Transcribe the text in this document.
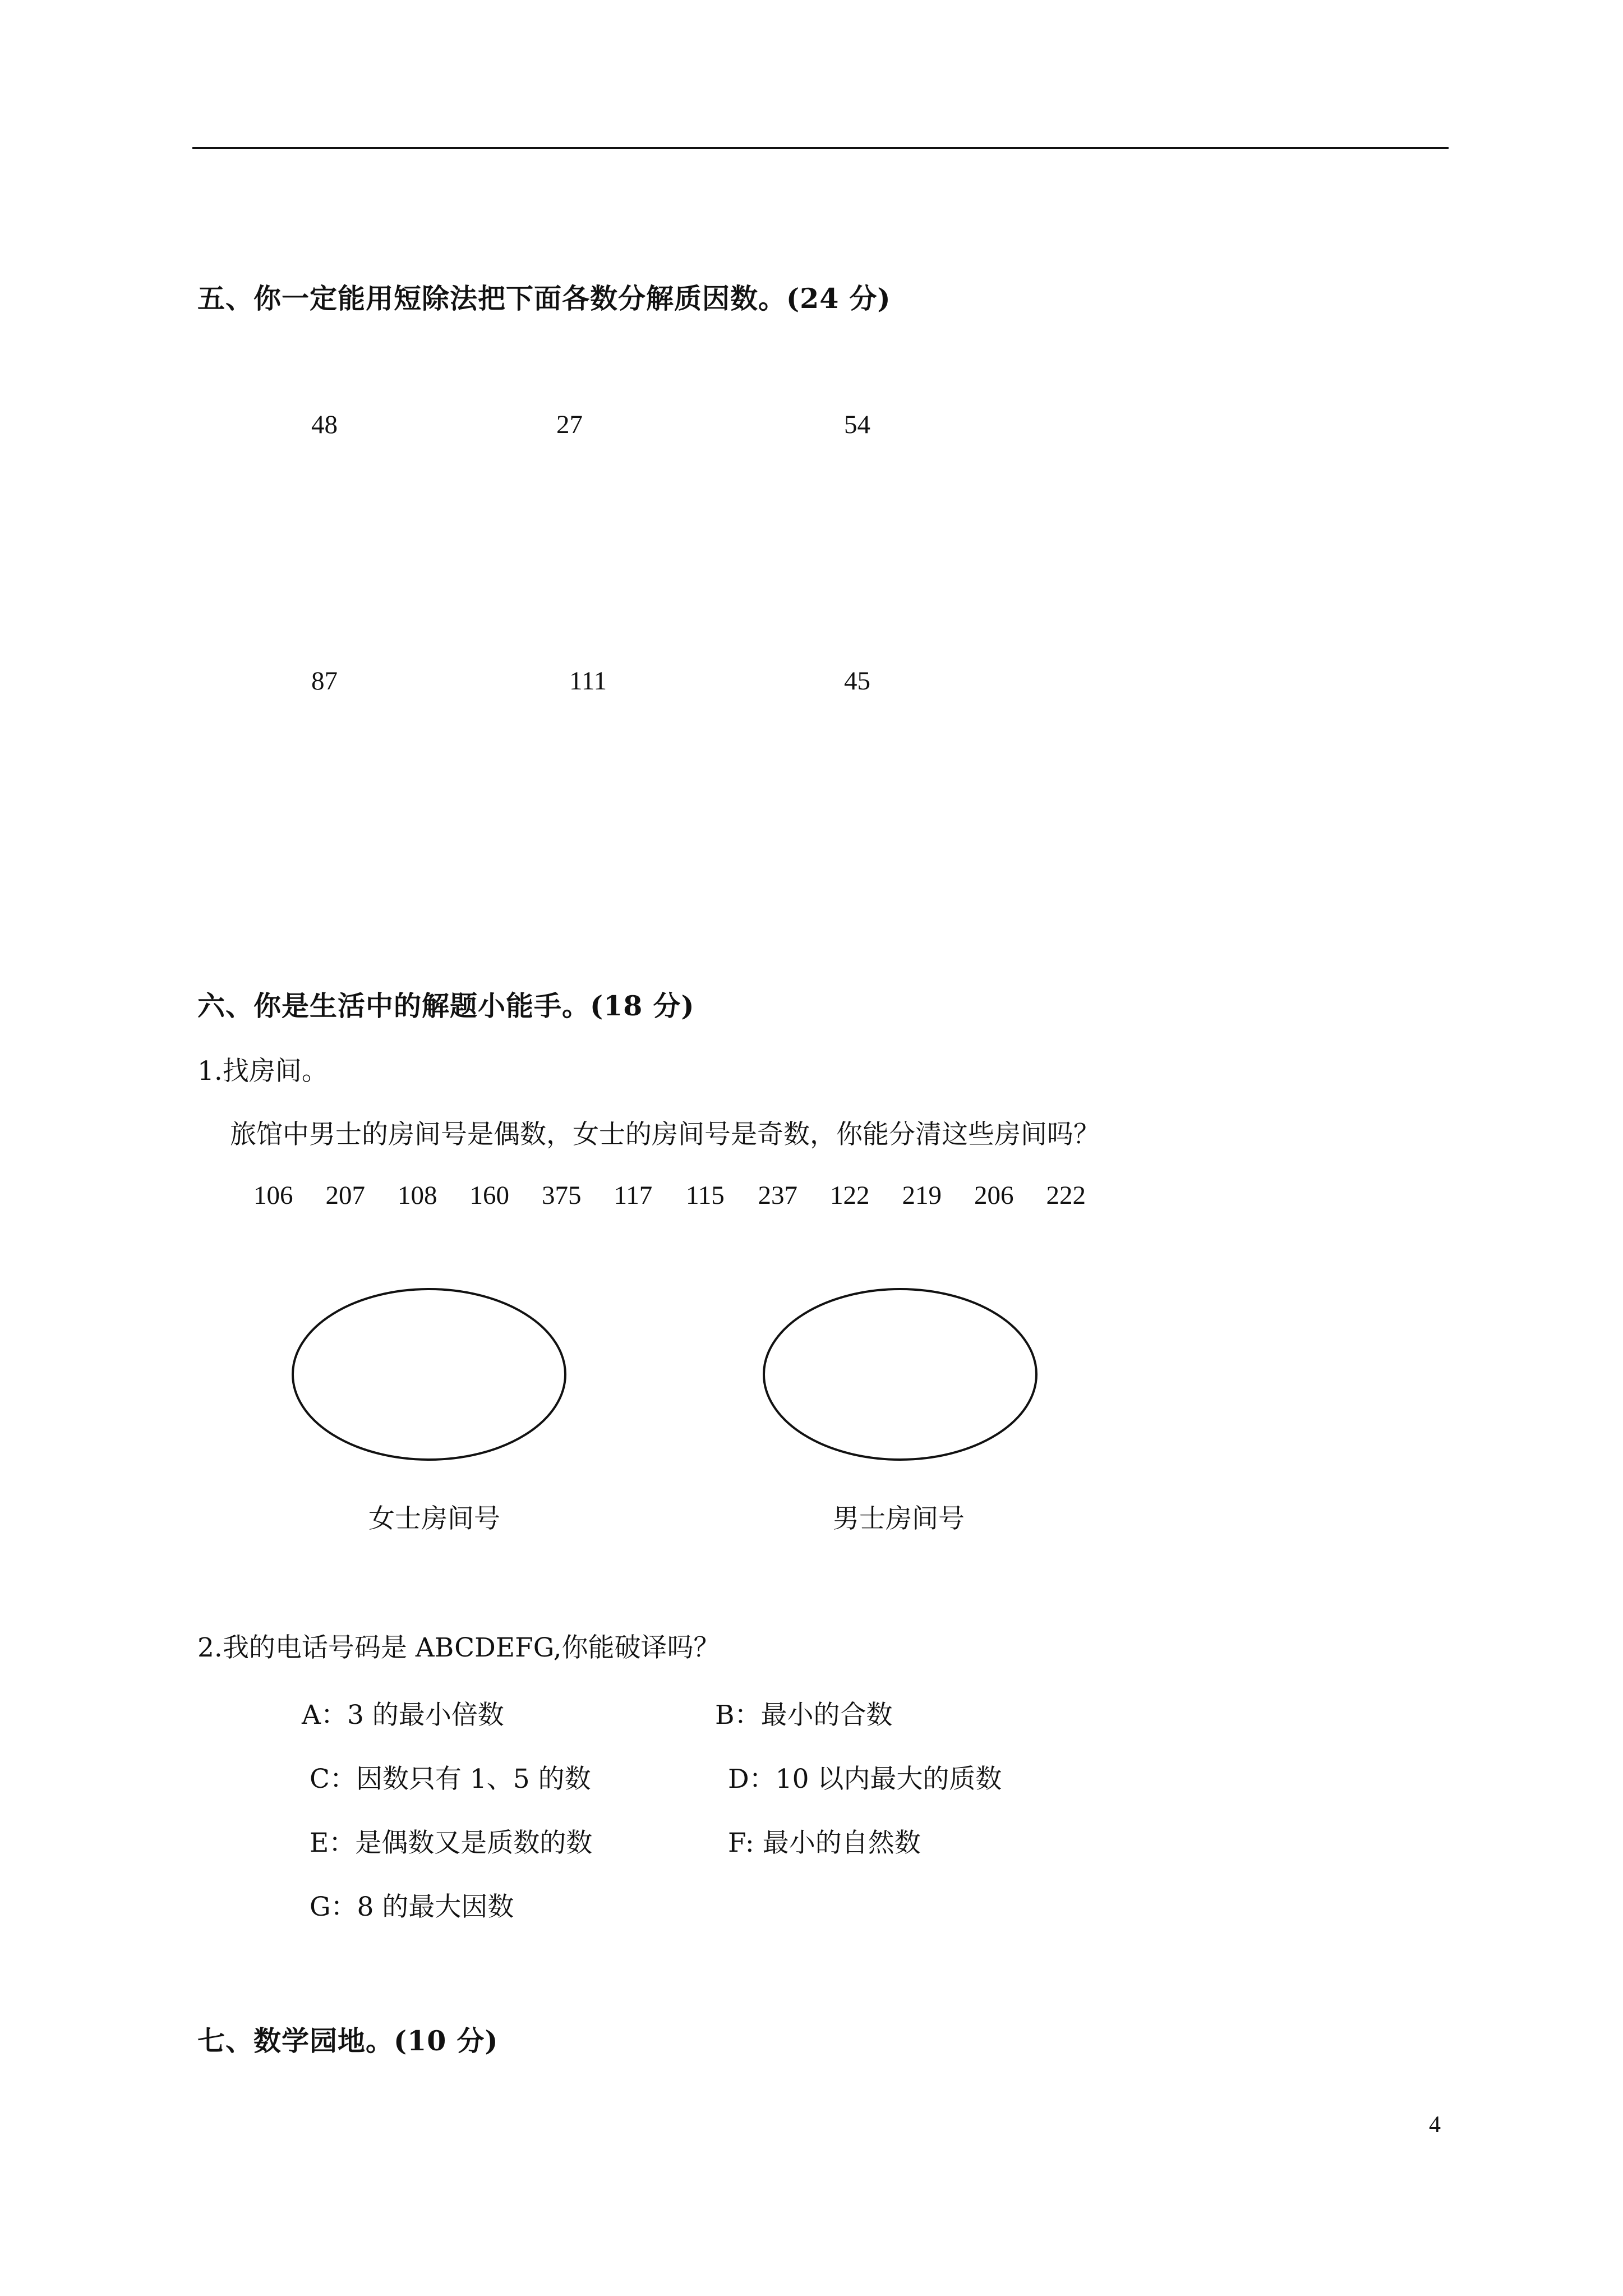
五、你一定能用短除法把下面各数分解质因数。(24 分)
48	27	54
87	111	45
六、你是生活中的解题小能手。(18 分)
1.找房间。
旅馆中男士的房间号是偶数，女士的房间号是奇数，你能分清这些房间吗？
106	207	108	160	375	117	115	237	122	219	206	222
女士房间号	男士房间号
2.我的电话号码是 ABCDEFG,你能破译吗？
A：3 的最小倍数	B：最小的合数
C：因数只有 1、5 的数	D：10 以内最大的质数
E：是偶数又是质数的数	F: 最小的自然数
G：8 的最大因数
七、数学园地。(10 分)
4
